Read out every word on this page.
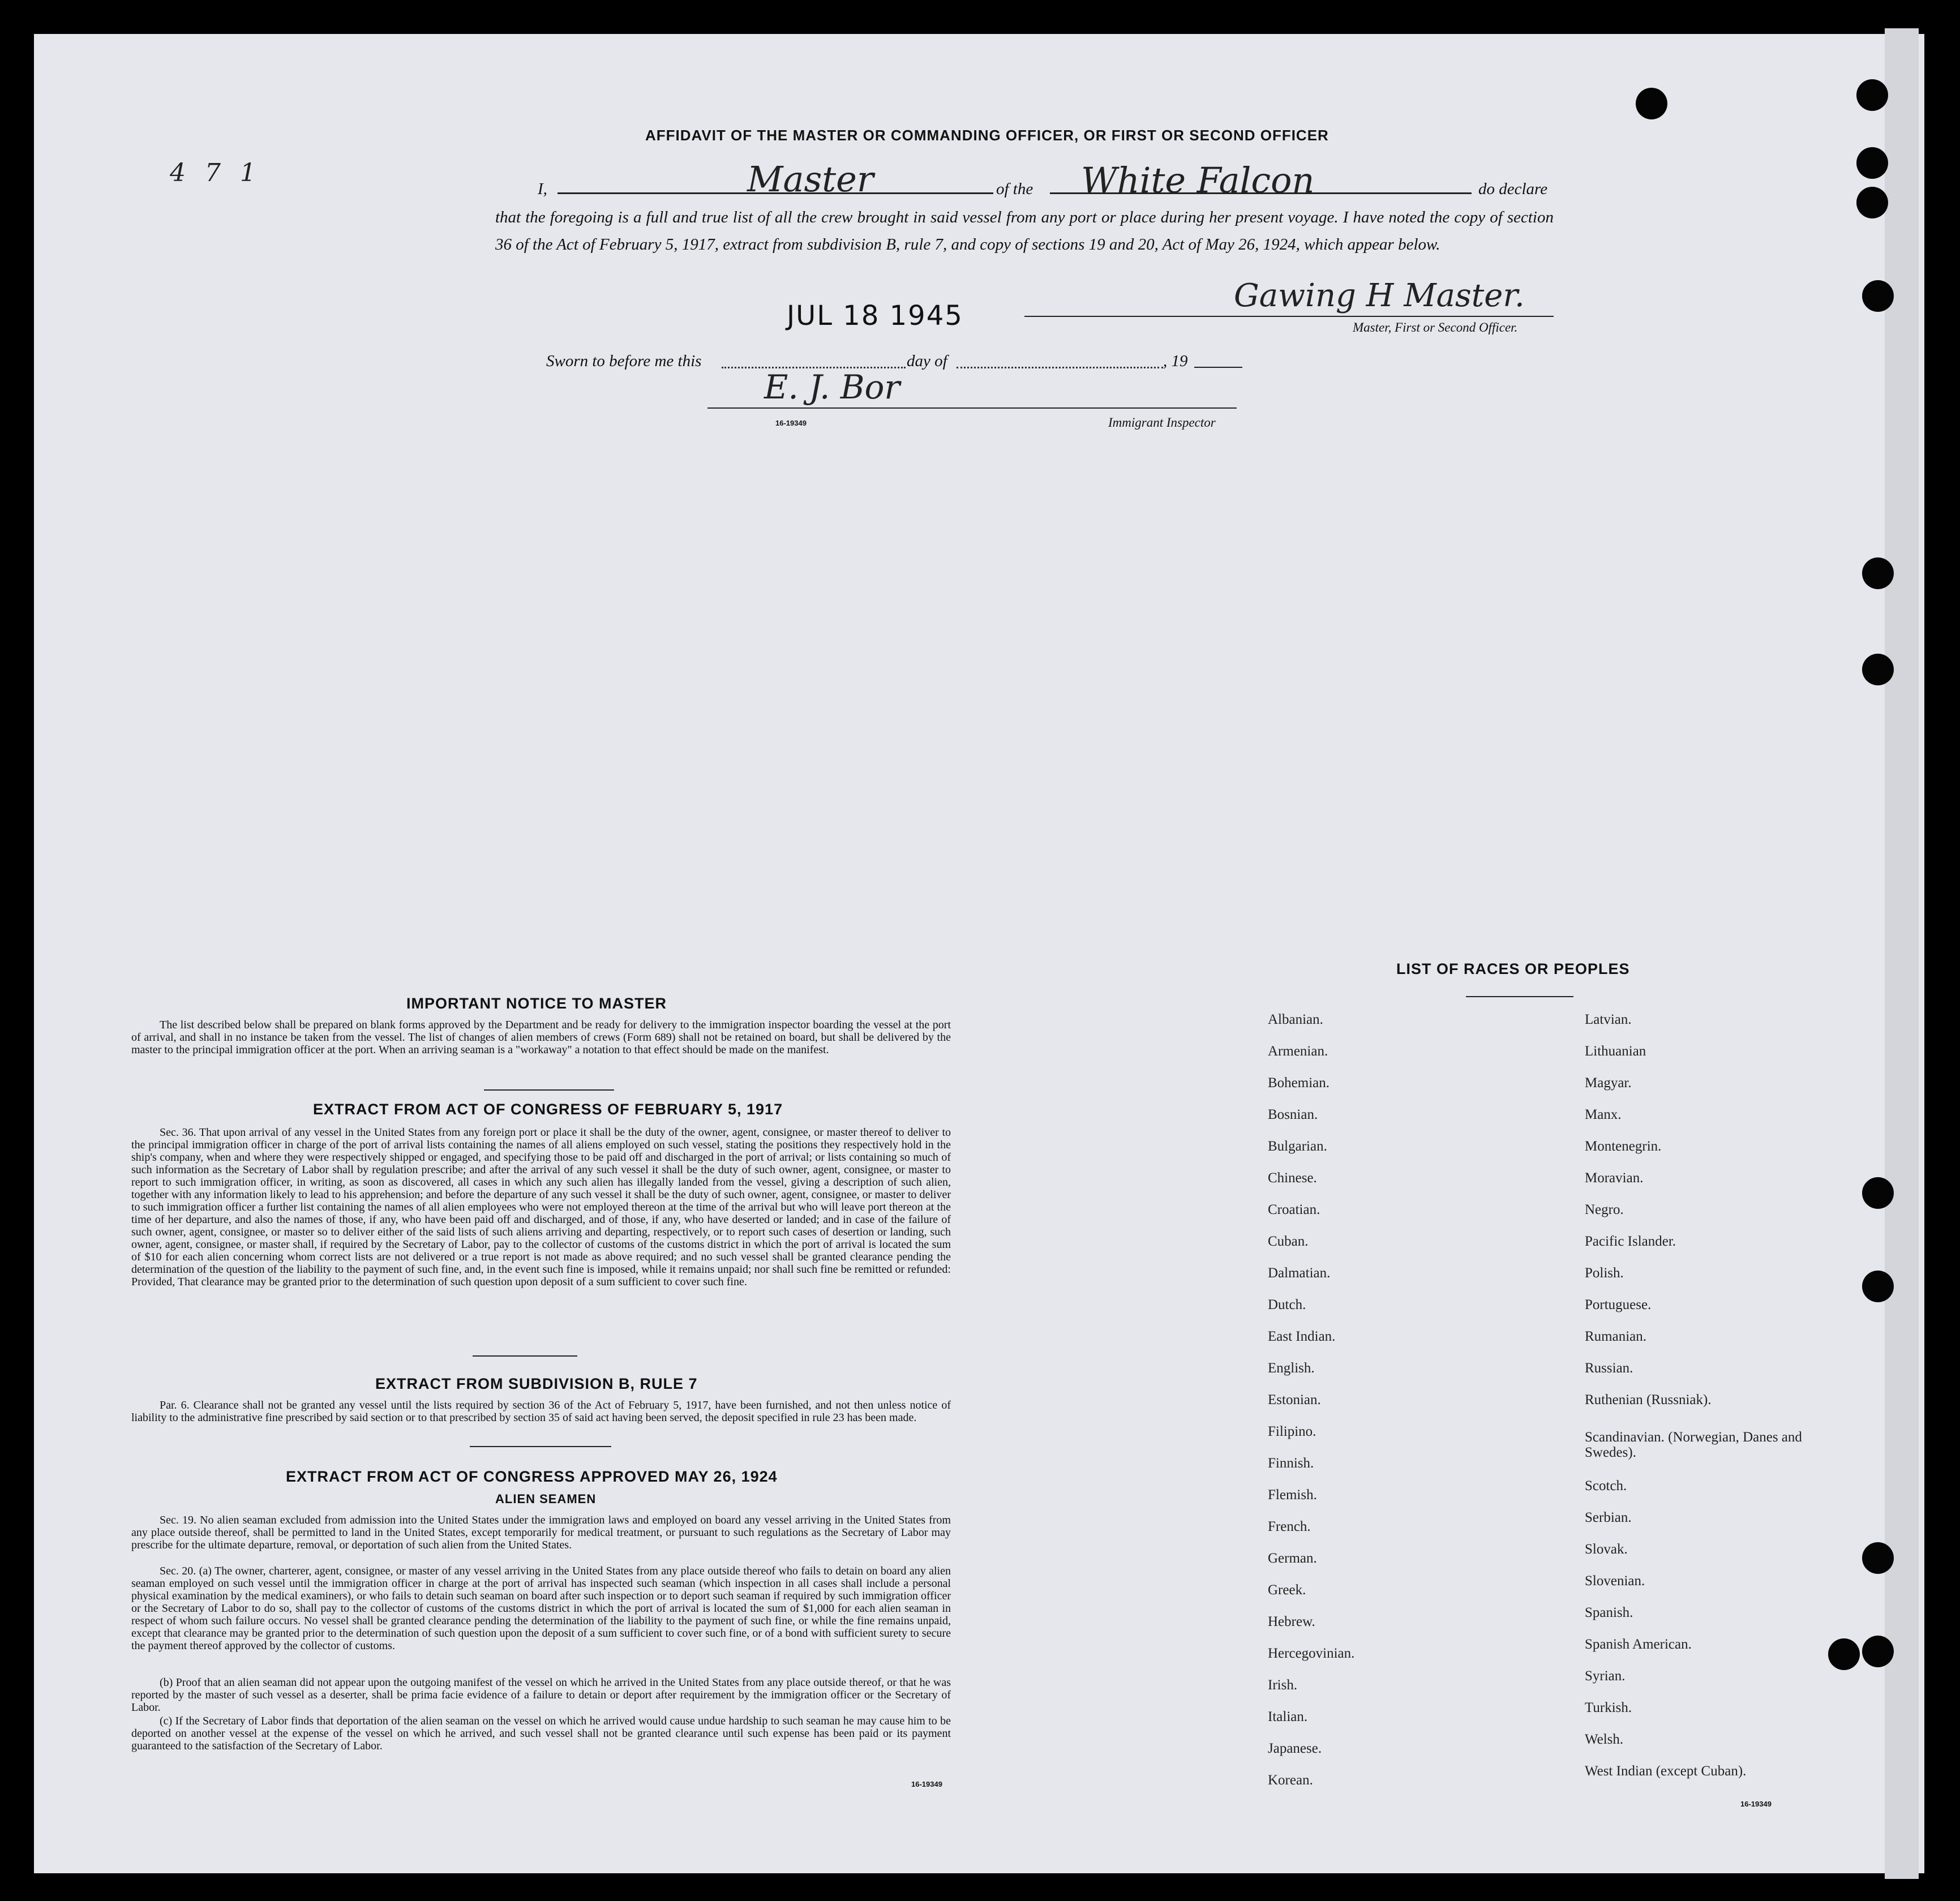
4 7 1
AFFIDAVIT OF THE MASTER OR COMMANDING OFFICER, OR FIRST OR SECOND OFFICER
I,	Master	of the White Falcon	do declare
that the foregoing is a full and true list of all the crew brought in said vessel from any port or place during her present voyage. I have noted the copy of section 36 of the Act of February 5, 1917, extract from subdivision B, rule 7, and copy of sections 19 and 20, Act of May 26, 1924, which appear below.
JUL 18 1945
Gawing H Master.
Master, First or Second Officer.
Sworn to before me this	day of	, 19
E. J. Bor
16-19349	Immigrant Inspector
IMPORTANT NOTICE TO MASTER
The list described below shall be prepared on blank forms approved by the Department and be ready for delivery to the immigration inspector boarding the vessel at the port of arrival, and shall in no instance be taken from the vessel. The list of changes of alien members of crews (Form 689) shall not be retained on board, but shall be delivered by the master to the principal immigration officer at the port. When an arriving seaman is a "workaway" a notation to that effect should be made on the manifest.
EXTRACT FROM ACT OF CONGRESS OF FEBRUARY 5, 1917
Sec. 36. That upon arrival of any vessel in the United States from any foreign port or place it shall be the duty of the owner, agent, consignee, or master thereof to deliver to the principal immigration officer in charge of the port of arrival lists containing the names of all aliens employed on such vessel, stating the positions they respectively hold in the ship's company, when and where they were respectively shipped or engaged, and specifying those to be paid off and discharged in the port of arrival; or lists containing so much of such information as the Secretary of Labor shall by regulation prescribe; and after the arrival of any such vessel it shall be the duty of such owner, agent, consignee, or master to report to such immigration officer, in writing, as soon as discovered, all cases in which any such alien has illegally landed from the vessel, giving a description of such alien, together with any information likely to lead to his apprehension; and before the departure of any such vessel it shall be the duty of such owner, agent, consignee, or master to deliver to such immigration officer a further list containing the names of all alien employees who were not employed thereon at the time of the arrival but who will leave port thereon at the time of her departure, and also the names of those, if any, who have been paid off and discharged, and of those, if any, who have deserted or landed; and in case of the failure of such owner, agent, consignee, or master so to deliver either of the said lists of such aliens arriving and departing, respectively, or to report such cases of desertion or landing, such owner, agent, consignee, or master shall, if required by the Secretary of Labor, pay to the collector of customs of the customs district in which the port of arrival is located the sum of $10 for each alien concerning whom correct lists are not delivered or a true report is not made as above required; and no such vessel shall be granted clearance pending the determination of the question of the liability to the payment of such fine, and, in the event such fine is imposed, while it remains unpaid; nor shall such fine be remitted or refunded: Provided, That clearance may be granted prior to the determination of such question upon deposit of a sum sufficient to cover such fine.
EXTRACT FROM SUBDIVISION B, RULE 7
Par. 6. Clearance shall not be granted any vessel until the lists required by section 36 of the Act of February 5, 1917, have been furnished, and not then unless notice of liability to the administrative fine prescribed by said section or to that prescribed by section 35 of said act having been served, the deposit specified in rule 23 has been made.
EXTRACT FROM ACT OF CONGRESS APPROVED MAY 26, 1924
ALIEN SEAMEN
Sec. 19. No alien seaman excluded from admission into the United States under the immigration laws and employed on board any vessel arriving in the United States from any place outside thereof, shall be permitted to land in the United States, except temporarily for medical treatment, or pursuant to such regulations as the Secretary of Labor may prescribe for the ultimate departure, removal, or deportation of such alien from the United States.
Sec. 20. (a) The owner, charterer, agent, consignee, or master of any vessel arriving in the United States from any place outside thereof who fails to detain on board any alien seaman employed on such vessel until the immigration officer in charge at the port of arrival has inspected such seaman (which inspection in all cases shall include a personal physical examination by the medical examiners), or who fails to detain such seaman on board after such inspection or to deport such seaman if required by such immigration officer or the Secretary of Labor to do so, shall pay to the collector of customs of the customs district in which the port of arrival is located the sum of $1,000 for each alien seaman in respect of whom such failure occurs. No vessel shall be granted clearance pending the determination of the liability to the payment of such fine, or while the fine remains unpaid, except that clearance may be granted prior to the determination of such question upon the deposit of a sum sufficient to cover such fine, or of a bond with sufficient surety to secure the payment thereof approved by the collector of customs.
(b) Proof that an alien seaman did not appear upon the outgoing manifest of the vessel on which he arrived in the United States from any place outside thereof, or that he was reported by the master of such vessel as a deserter, shall be prima facie evidence of a failure to detain or deport after requirement by the immigration officer or the Secretary of Labor.
(c) If the Secretary of Labor finds that deportation of the alien seaman on the vessel on which he arrived would cause undue hardship to such seaman he may cause him to be deported on another vessel at the expense of the vessel on which he arrived, and such vessel shall not be granted clearance until such expense has been paid or its payment guaranteed to the satisfaction of the Secretary of Labor.
16-19349
LIST OF RACES OR PEOPLES
Albanian.
Armenian.
Bohemian.
Bosnian.
Bulgarian.
Chinese.
Croatian.
Cuban.
Dalmatian.
Dutch.
East Indian.
English.
Estonian.
Filipino.
Finnish.
Flemish.
French.
German.
Greek.
Hebrew.
Hercegovinian.
Irish.
Italian.
Japanese.
Korean.
Latvian.
Lithuanian
Magyar.
Manx.
Montenegrin.
Moravian.
Negro.
Pacific Islander.
Polish.
Portuguese.
Rumanian.
Russian.
Ruthenian (Russniak).
Scandinavian. (Norwegian, Danes and Swedes).
Scotch.
Serbian.
Slovak.
Slovenian.
Spanish.
Spanish American.
Syrian.
Turkish.
Welsh.
West Indian (except Cuban).
16-19349
